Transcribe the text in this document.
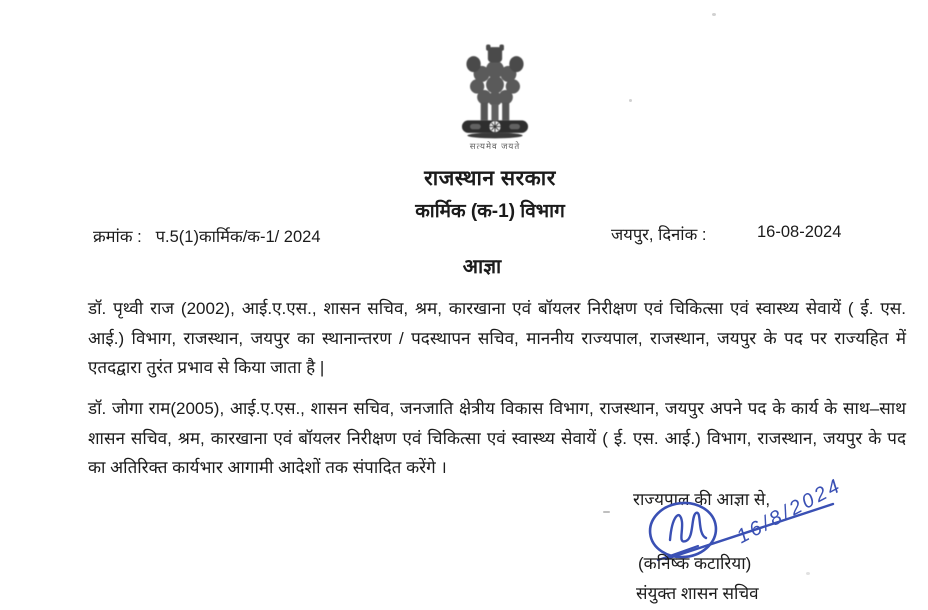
सत्यमेव जयते
राजस्थान सरकार
कार्मिक (क-1) विभाग
क्रमांक : प.5(1)कार्मिक/क-1/ 2024	जयपुर, दिनांक :	16-08-2024
आज्ञा
डॉ. पृथ्वी राज (2002), आई.ए.एस., शासन सचिव, श्रम, कारखाना एवं बॉयलर निरीक्षण एवं चिकित्सा एवं स्वास्थ्य सेवायें ( ई. एस.
आई.) विभाग, राजस्थान, जयपुर का स्थानान्तरण / पदस्थापन सचिव, माननीय राज्यपाल, राजस्थान, जयपुर के पद पर राज्यहित में
एतदद्वारा तुरंत प्रभाव से किया जाता है |
डॉ. जोगा राम(2005), आई.ए.एस., शासन सचिव, जनजाति क्षेत्रीय विकास विभाग, राजस्थान, जयपुर अपने पद के कार्य के साथ–साथ
शासन सचिव, श्रम, कारखाना एवं बॉयलर निरीक्षण एवं चिकित्सा एवं स्वास्थ्य सेवायें ( ई. एस. आई.) विभाग, राजस्थान, जयपुर के पद
का अतिरिक्त कार्यभार आगामी आदेशों तक संपादित करेंगे ।
राज्यपाल की आज्ञा से,
16/8/2024
(कनिष्क कटारिया)
संयुक्त शासन सचिव
